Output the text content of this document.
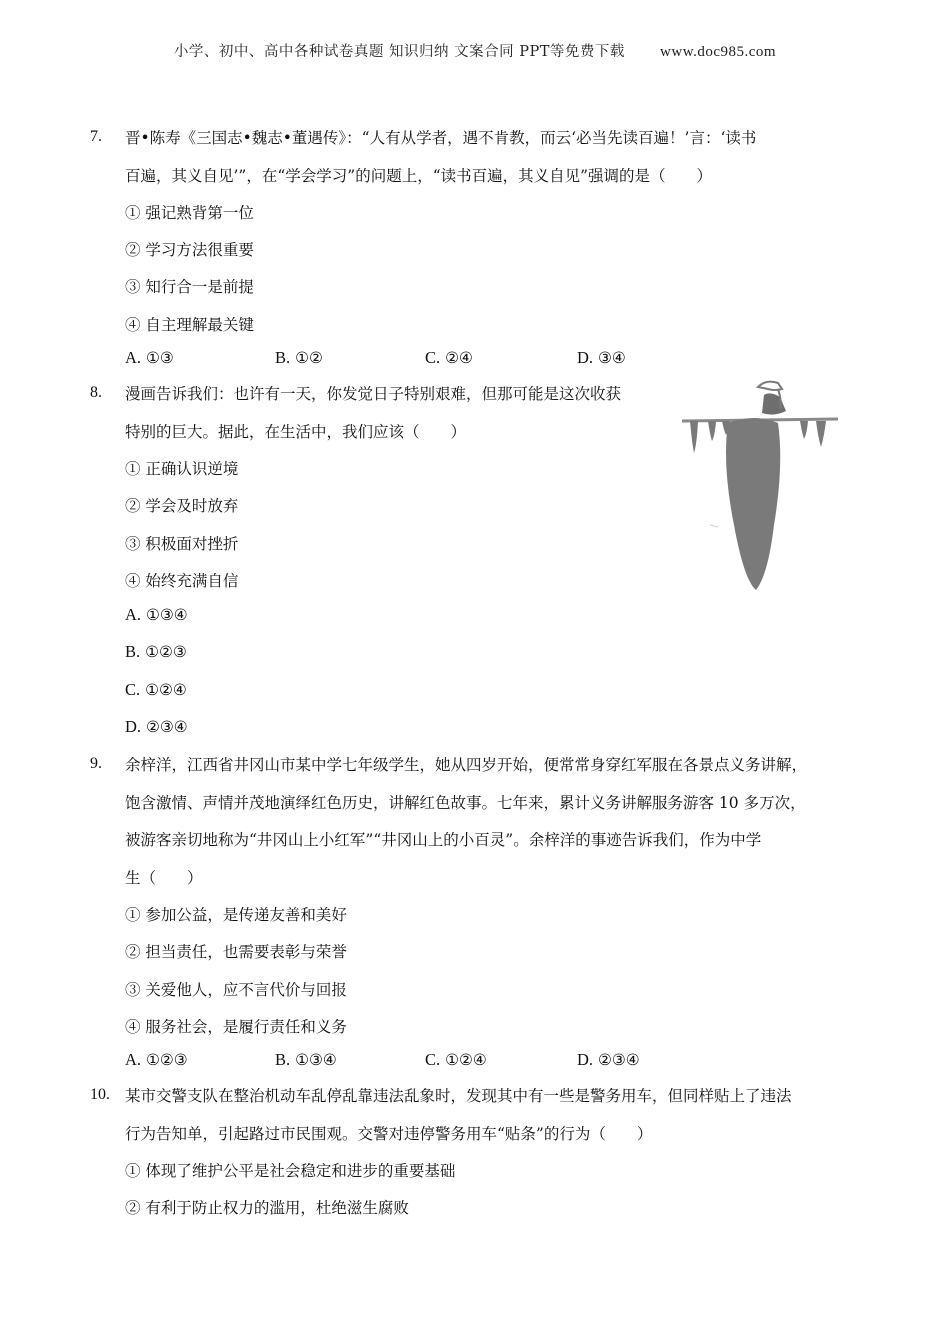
小学、初中、高中各种试卷真题 知识归纳 文案合同 PPT等免费下载 www.doc985.com
7. 晋•陈寿《三国志•魏志•董遇传》：“人有从学者，遇不肯教，而云‘必当先读百遍！’言：‘读书
百遍，其义自见’”，在“学会学习”的问题上，“读书百遍，其义自见”强调的是（　　）
① 强记熟背第一位
② 学习方法很重要
③ 知行合一是前提
④ 自主理解最关键
A. ①③	B. ①②	C. ②④	D. ③④
8. 漫画告诉我们：也许有一天，你发觉日子特别艰难，但那可能是这次收获
特别的巨大。据此，在生活中，我们应该（　　）
① 正确认识逆境
② 学会及时放弃
③ 积极面对挫折
④ 始终充满自信
A. ①③④
B. ①②③
C. ①②④
D. ②③④
9. 余梓洋，江西省井冈山市某中学七年级学生，她从四岁开始，便常常身穿红军服在各景点义务讲解，
饱含激情、声情并茂地演绎红色历史，讲解红色故事。七年来，累计义务讲解服务游客 10 多万次，
被游客亲切地称为“井冈山上小红军”“井冈山上的小百灵”。余梓洋的事迹告诉我们，作为中学
生（　　）
① 参加公益，是传递友善和美好
② 担当责任，也需要表彰与荣誉
③ 关爱他人，应不言代价与回报
④ 服务社会，是履行责任和义务
A. ①②③	B. ①③④	C. ①②④	D. ②③④
10. 某市交警支队在整治机动车乱停乱靠违法乱象时，发现其中有一些是警务用车，但同样贴上了违法
行为告知单，引起路过市民围观。交警对违停警务用车“贴条”的行为（　　）
① 体现了维护公平是社会稳定和进步的重要基础
② 有利于防止权力的滥用，杜绝滋生腐败
